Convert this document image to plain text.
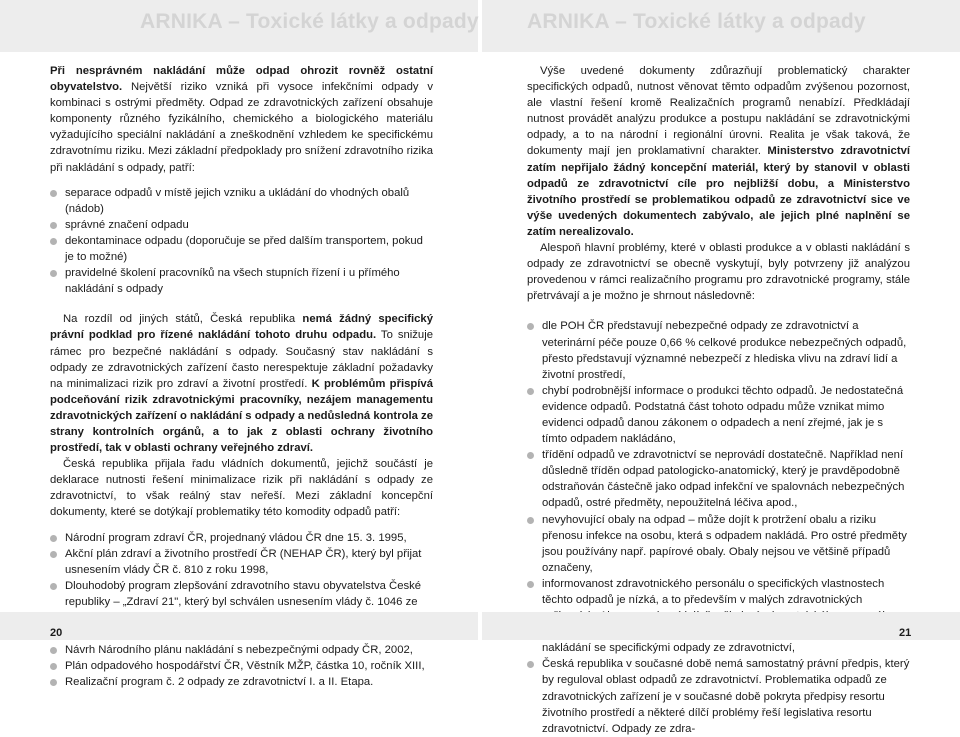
ARNIKA – Toxické látky a odpady ARNIKA – Toxické látky a odpady

Při nesprávném nakládání může odpad ohrozit rovněž ostatní obyvatelstvo. Největší riziko vzniká při vysoce infekčními odpady v kombinaci s ostrými předměty. Odpad ze zdravotnických zařízení obsahuje komponenty různého fyzikálního, chemického a biologického materiálu vyžadujícího speciální nakládání a zneškodnění vzhledem ke specifickému zdravotnímu riziku. Mezi základní předpoklady pro snížení zdravotního rizika při nakládání s odpady, patří:

separace odpadů v místě jejich vzniku a ukládání do vhodných obalů (nádob)
správné značení odpadu
dekontaminace odpadu (doporučuje se před dalším transportem, pokud je to možné)
pravidelné školení pracovníků na všech stupních řízení i u přímého nakládání s odpady

Na rozdíl od jiných států, Česká republika nemá žádný specifický právní podklad pro řízené nakládání tohoto druhu odpadu. To snižuje rámec pro bezpečné nakládání s odpady. Současný stav nakládání s odpady ze zdravotnických zařízení často nerespektuje základní požadavky na minimalizaci rizik pro zdraví a životní prostředí. K problémům přispívá podceňování rizik zdravotnickými pracovníky, nezájem managementu zdravotnických zařízení o nakládání s odpady a nedůsledná kontrola ze strany kontrolních orgánů, a to jak z oblasti ochrany životního prostředí, tak v oblasti ochrany veřejného zdraví.

Česká republika přijala řadu vládních dokumentů, jejichž součástí je deklarace nutnosti řešení minimalizace rizik při nakládání s odpady ze zdravotnictví, to však reálný stav neřeší. Mezi základní koncepční dokumenty, které se dotýkají problematiky této komodity odpadů patří:

Národní program zdraví ČR, projednaný vládou ČR dne 15. 3. 1995,
Akční plán zdraví a životního prostředí ČR (NEHAP ČR), který byl přijat usnesením vlády ČR č. 810 z roku 1998,
Dlouhodobý program zlepšování zdravotního stavu obyvatelstva České republiky – „Zdraví 21", který byl schválen usnesením vlády č. 1046 ze
Návrh Národního plánu nakládání s nebezpečnými odpady ČR, 2002,
Plán odpadového hospodářství ČR, Věstník MŽP, částka 10, ročník XIII,
Realizační program č. 2 odpady ze zdravotnictví I. a II. Etapa.

Výše uvedené dokumenty zdůrazňují problematický charakter specifických odpadů, nutnost věnovat těmto odpadům zvýšenou pozornost, ale vlastní řešení kromě Realizačních programů nenabízí. Předkládají nutnost provádět analýzu produkce a postupu nakládání se zdravotnickými odpady, a to na národní i regionální úrovni. Realita je však taková, že dokumenty mají jen proklamativní charakter. Ministerstvo zdravotnictví zatím nepřijalo žádný koncepční materiál, který by stanovil v oblasti odpadů ze zdravotnictví cíle pro nejbližší dobu, a Ministerstvo životního prostředí se problematikou odpadů ze zdravotnictví sice ve výše uvedených dokumentech zabývalo, ale jejich plné naplnění se zatím nerealizovalo.

Alespoň hlavní problémy, které v oblasti produkce a v oblasti nakládání s odpady ze zdravotnictví se obecně vyskytují, byly potvrzeny již analýzou provedenou v rámci realizačního programu pro zdravotnické programy, stále přetrvávají a je možno je shrnout následovně:

dle POH ČR představují nebezpečné odpady ze zdravotnictví a veterinární péče pouze 0,66 % celkové produkce nebezpečných odpadů, přesto představují významné nebezpečí z hlediska vlivu na zdraví lidí a životní prostředí,
chybí podrobnější informace o produkci těchto odpadů. Je nedostatečná evidence odpadů. Podstatná část tohoto odpadu může vznikat mimo evidenci odpadů danou zákonem o odpadech a není zřejmé, jak je s tímto odpadem nakládáno,
třídění odpadů ve zdravotnictví se neprovádí dostatečně. Například není důsledně tříděn odpad patologicko-anatomický, který je pravděpodobně odstraňován částečně jako odpad infekční ve spalovnách nebezpečných odpadů, ostré předměty, nepoužitelná léčiva apod.,
nevyhovující obaly na odpad – může dojít k protržení obalu a riziku přenosu infekce na osobu, která s odpadem nakládá. Pro ostré předměty jsou používány např. papírové obaly. Obaly nejsou ve většině případů označeny,
informovanost zdravotnického personálu o specifických vlastnostech těchto odpadů je nízká, a to především v malých zdravotnických
nakládání se specifickými odpady ze zdravotnictví,
Česká republika v současné době nemá samostatný právní předpis, který by reguloval oblast odpadů ze zdravotnictví. Problematika odpadů ze zdravotnických zařízení je v současné době pokryta předpisy resortu životního prostředí a některé dílčí problémy řeší legislativa resortu zdravotnictví. Odpady ze zdra-
20	21
